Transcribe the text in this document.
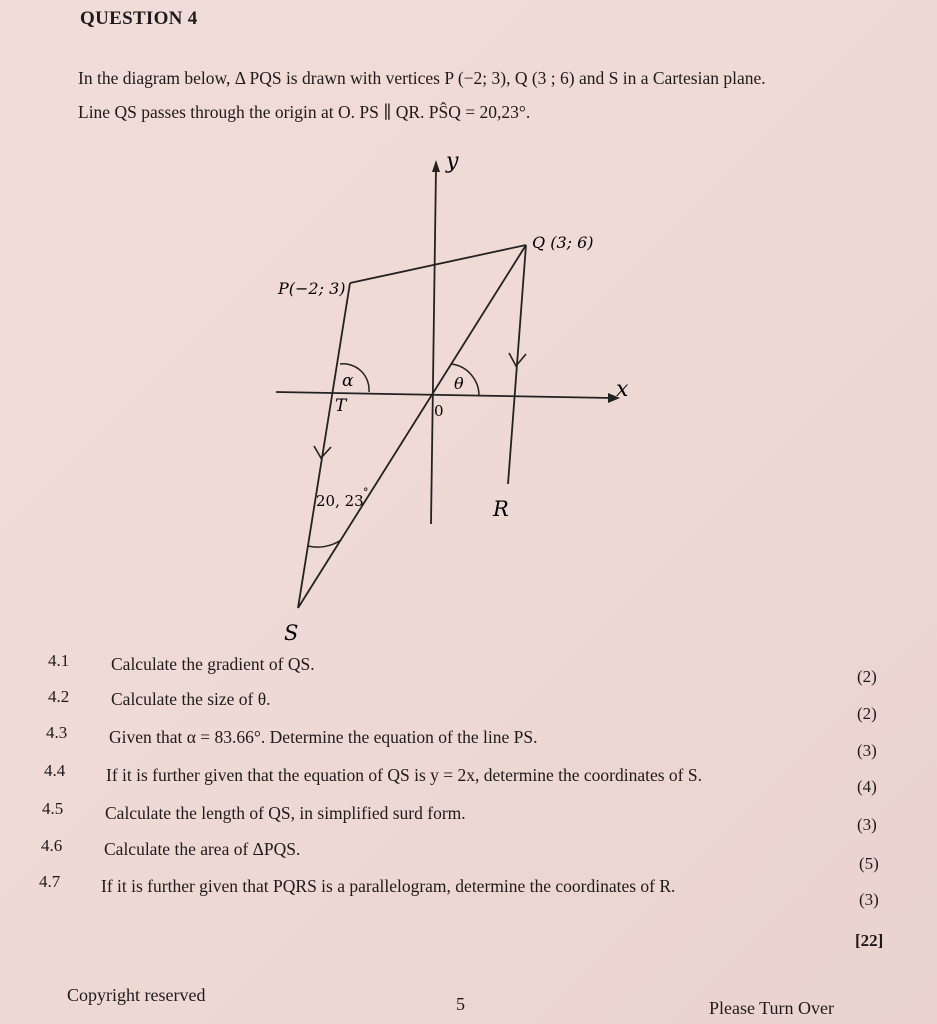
QUESTION 4
In the diagram below, Δ PQS is drawn with vertices P (−2; 3), Q (3 ; 6) and S in a Cartesian plane.
Line QS passes through the origin at O. PS ∥ QR. PŜQ = 20,23°.
y
x
α	θ
20, 23 °
P(−2; 3)
Q (3; 6)
S
R
T	0
4.1 Calculate the gradient of QS.
(2)
4.2 Calculate the size of θ.
(2)
4.3 Given that α = 83.66°. Determine the equation of the line PS.
(3)
4.4 If it is further given that the equation of QS is y = 2x, determine the coordinates of S.
(4)
4.5 Calculate the length of QS, in simplified surd form.
(3)
4.6 Calculate the area of ΔPQS.
(5)
4.7 If it is further given that PQRS is a parallelogram, determine the coordinates of R.
(3)
[22]
Copyright reserved	5	Please Turn Over
